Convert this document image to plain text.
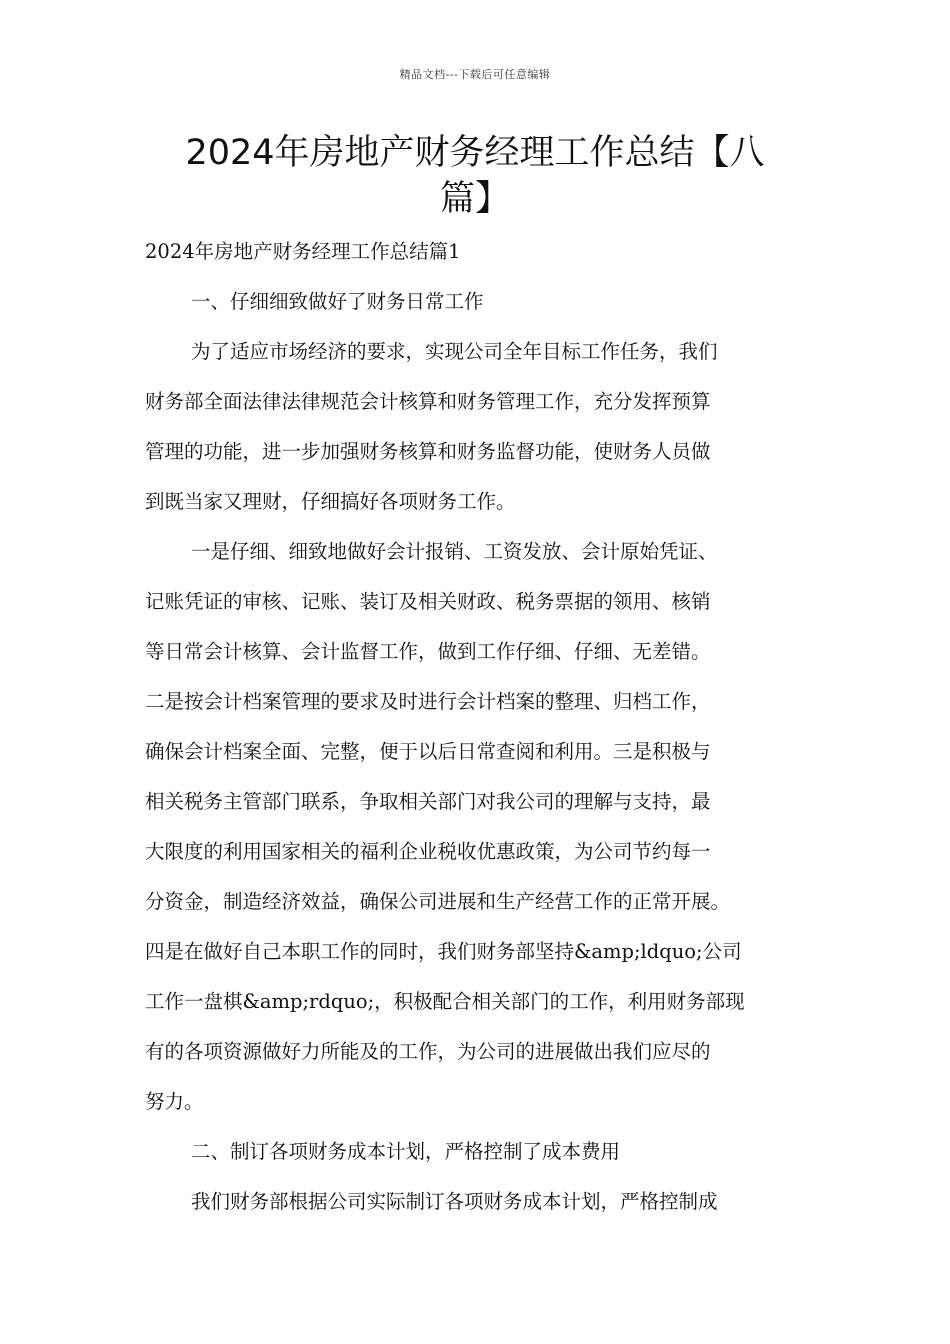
精品文档---下载后可任意编辑
2024年房地产财务经理工作总结【八
篇】
2024年房地产财务经理工作总结篇1
一、仔细细致做好了财务日常工作
为了适应市场经济的要求，实现公司全年目标工作任务，我们
财务部全面法律法律规范会计核算和财务管理工作，充分发挥预算
管理的功能，进一步加强财务核算和财务监督功能，使财务人员做
到既当家又理财，仔细搞好各项财务工作。
一是仔细、细致地做好会计报销、工资发放、会计原始凭证、
记账凭证的审核、记账、装订及相关财政、税务票据的领用、核销
等日常会计核算、会计监督工作，做到工作仔细、仔细、无差错。
二是按会计档案管理的要求及时进行会计档案的整理、归档工作，
确保会计档案全面、完整，便于以后日常查阅和利用。三是积极与
相关税务主管部门联系，争取相关部门对我公司的理解与支持，最
大限度的利用国家相关的福利企业税收优惠政策，为公司节约每一
分资金，制造经济效益，确保公司进展和生产经营工作的正常开展。
四是在做好自己本职工作的同时，我们财务部坚持&amp;ldquo;公司
工作一盘棋&amp;rdquo;，积极配合相关部门的工作，利用财务部现
有的各项资源做好力所能及的工作，为公司的进展做出我们应尽的
努力。
二、制订各项财务成本计划，严格控制了成本费用
我们财务部根据公司实际制订各项财务成本计划，严格控制成
